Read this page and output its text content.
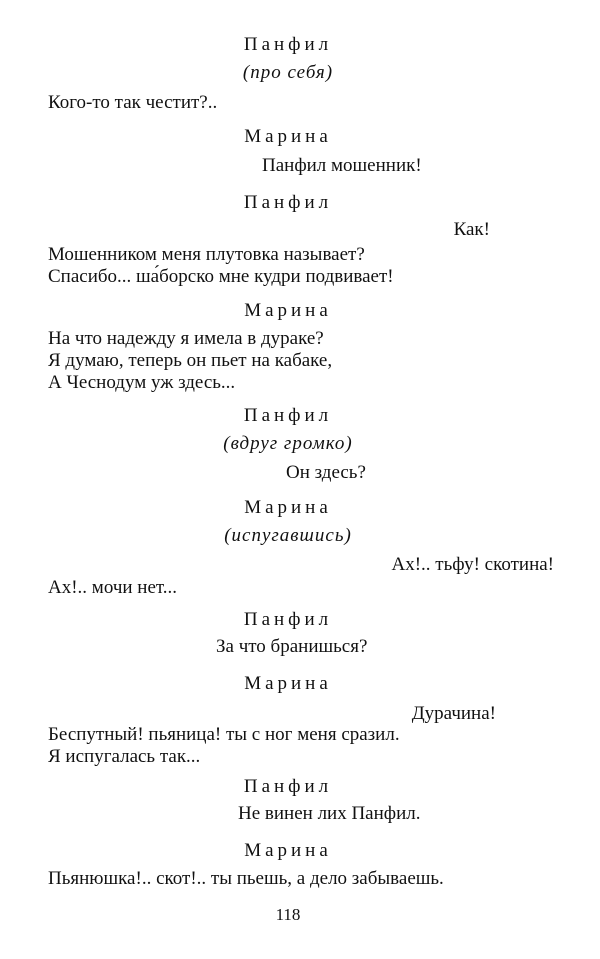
Панфил
(про себя)
Кого-то так честит?..
Марина
Панфил мошенник!
Панфил
Как!
Мошенником меня плутовка называет?
Спасибо... ша́борско мне кудри подвивает!
Марина
На что надежду я имела в дураке?
Я думаю, теперь он пьет на кабаке,
А Чеснодум уж здесь...
Панфил
(вдруг громко)
Он здесь?
Марина
(испугавшись)
Ах!.. тьфу! скотина!
Ах!.. мочи нет...
Панфил
За что бранишься?
Марина
Дурачина!
Беспутный! пьяница! ты с ног меня сразил.
Я испугалась так...
Панфил
Не винен лих Панфил.
Марина
Пьянюшка!.. скот!.. ты пьешь, а дело забываешь.
118
